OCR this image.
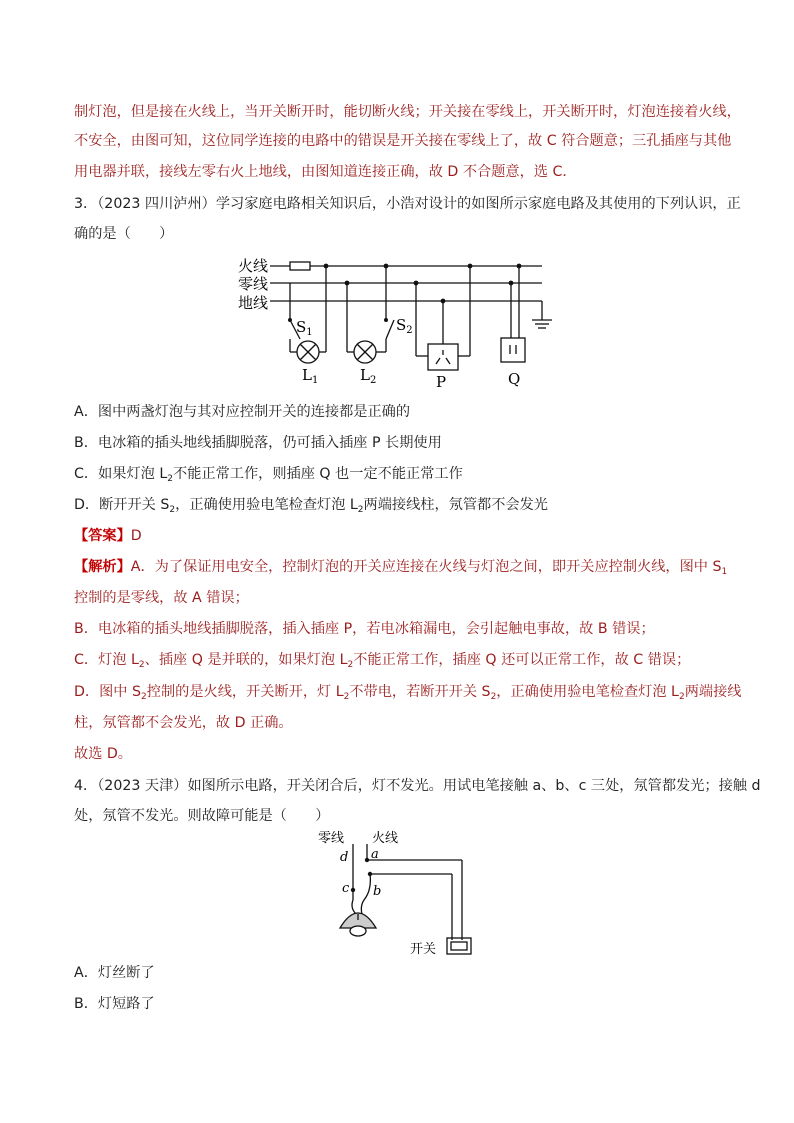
制灯泡，但是接在火线上，当开关断开时，能切断火线；开关接在零线上，开关断开时，灯泡连接着火线，
不安全，由图可知，这位同学连接的电路中的错误是开关接在零线上了，故 C 符合题意；三孔插座与其他
用电器并联，接线左零右火上地线，由图知道连接正确，故 D 不合题意，选 C．
3．（2023 四川泸州）学习家庭电路相关知识后，小浩对设计的如图所示家庭电路及其使用的下列认识，正
确的是（　　）
火线
零线
地线
$S_1$	$S_2$
$L_1$	$L_2$	P	Q
A．图中两盏灯泡与其对应控制开关的连接都是正确的
B．电冰箱的插头地线插脚脱落，仍可插入插座 P 长期使用
C．如果灯泡 $L_2$不能正常工作，则插座 Q 也一定不能正常工作
D．断开开关 $S_2$，正确使用验电笔检查灯泡 $L_2$两端接线柱，氖管都不会发光
【答案】D
【解析】A．为了保证用电安全，控制灯泡的开关应连接在火线与灯泡之间，即开关应控制火线，图中 $S_1$
控制的是零线，故 A 错误；
B．电冰箱的插头地线插脚脱落，插入插座 P，若电冰箱漏电，会引起触电事故，故 B 错误；
C．灯泡 $L_2$、插座 Q 是并联的，如果灯泡 $L_2$不能正常工作，插座 Q 还可以正常工作，故 C 错误；
D．图中 $S_2$控制的是火线，开关断开，灯 $L_2$不带电，若断开开关 $S_2$，正确使用验电笔检查灯泡 $L_2$两端接线
柱，氖管都不会发光，故 D 正确。
故选 D。
4．（2023 天津）如图所示电路，开关闭合后，灯不发光。用试电笔接触 a、b、c 三处，氖管都发光；接触 d
处，氖管不发光。则故障可能是（　　）
零线 火线
a
d
c b
开关
A．灯丝断了
B．灯短路了
